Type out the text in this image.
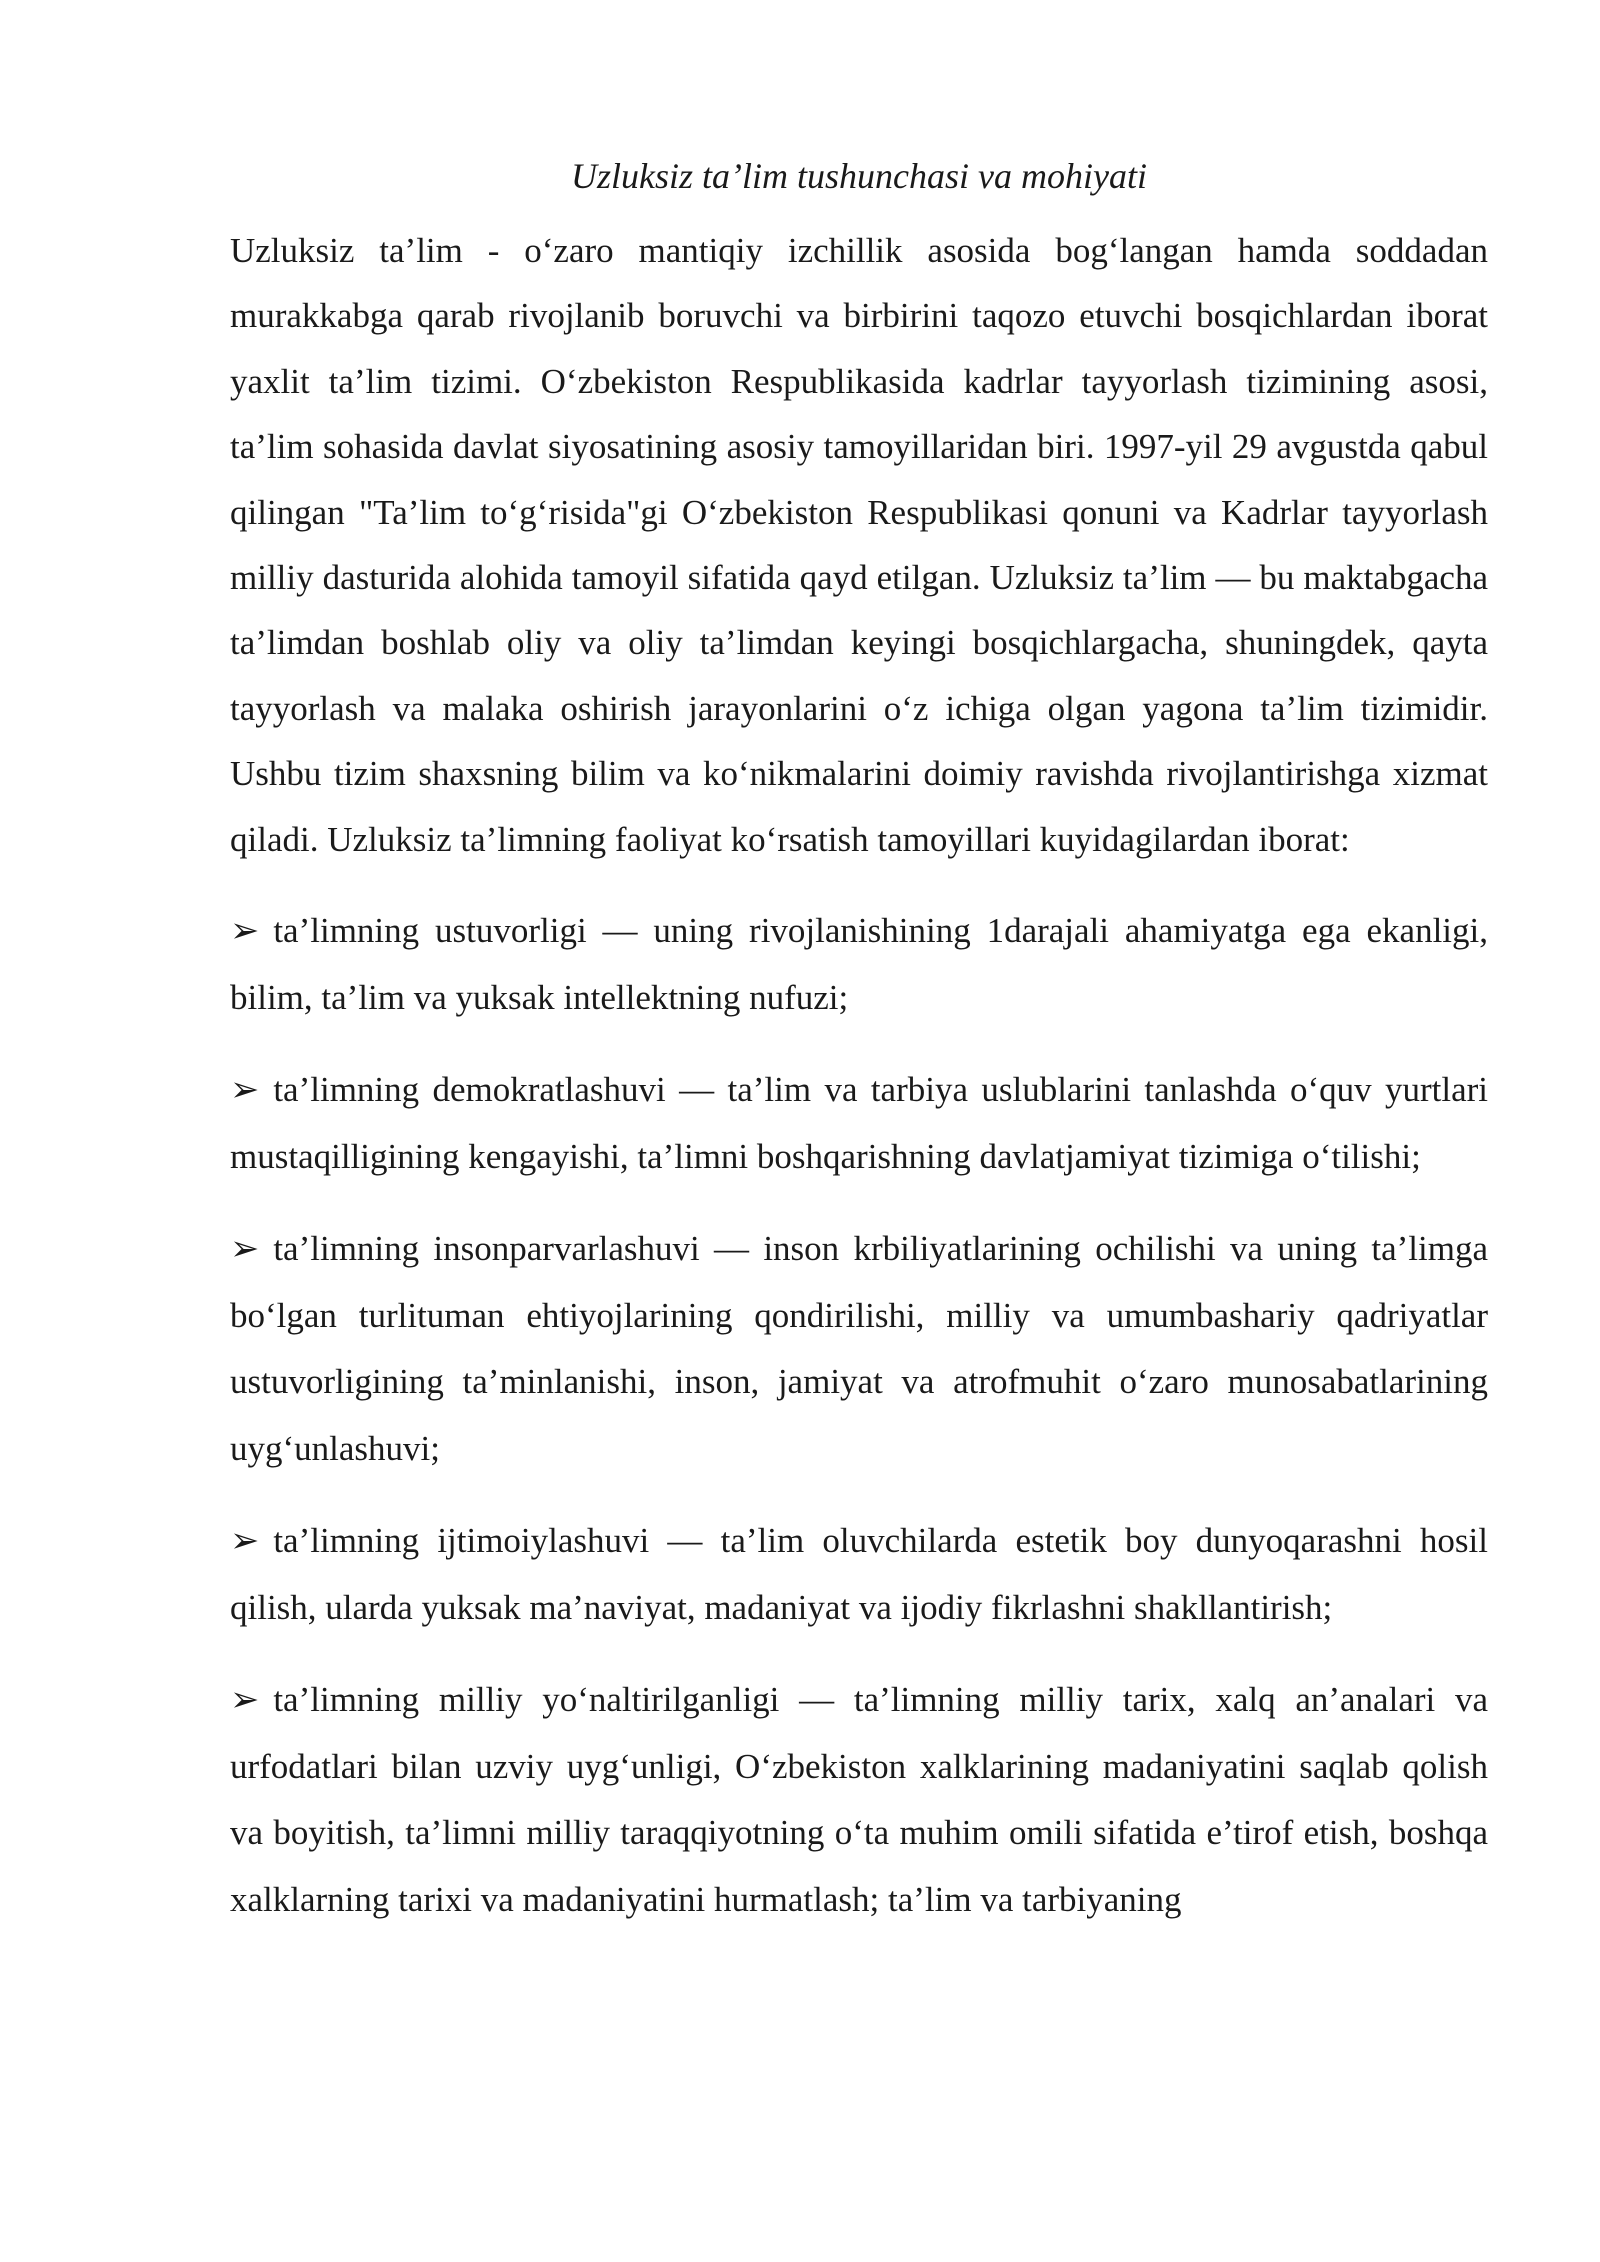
Uzluksiz ta’lim tushunchasi va mohiyati

Uzluksiz ta’lim - o‘zaro mantiqiy izchillik asosida bog‘langan hamda soddadan murakkabga qarab rivojlanib boruvchi va birbirini taqozo etuvchi bosqichlardan iborat yaxlit ta’lim tizimi. O‘zbekiston Respublikasida kadrlar tayyorlash tizimining asosi, ta’lim sohasida davlat siyosatining asosiy tamoyillaridan biri. 1997-yil 29 avgustda qabul qilingan "Ta’lim to‘g‘risida"gi O‘zbekiston Respublikasi qonuni va Kadrlar tayyorlash milliy dasturida alohida tamoyil sifatida qayd etilgan. Uzluksiz ta’lim — bu maktabgacha ta’limdan boshlab oliy va oliy ta’limdan keyingi bosqichlargacha, shuningdek, qayta tayyorlash va malaka oshirish jarayonlarini o‘z ichiga olgan yagona ta’lim tizimidir. Ushbu tizim shaxsning bilim va ko‘nikmalarini doimiy ravishda rivojlantirishga xizmat qiladi. Uzluksiz ta’limning faoliyat ko‘rsatish tamoyillari kuyidagilardan iborat:

➢ ta’limning ustuvorligi — uning rivojlanishining 1darajali ahamiyatga ega ekanligi, bilim, ta’lim va yuksak intellektning nufuzi;
➢ ta’limning demokratlashuvi — ta’lim va tarbiya uslublarini tanlashda o‘quv yurtlari mustaqilligining kengayishi, ta’limni boshqarishning davlatjamiyat tizimiga o‘tilishi;
➢ ta’limning insonparvarlashuvi — inson krbiliyatlarining ochilishi va uning ta’limga bo‘lgan turlituman ehtiyojlarining qondirilishi, milliy va umumbashariy qadriyatlar ustuvorligining ta’minlanishi, inson, jamiyat va atrofmuhit o‘zaro munosabatlarining uyg‘unlashuvi;
➢ ta’limning ijtimoiylashuvi — ta’lim oluvchilarda estetik boy dunyoqarashni hosil qilish, ularda yuksak ma’naviyat, madaniyat va ijodiy fikrlashni shakllantirish;
➢ ta’limning milliy yo‘naltirilganligi — ta’limning milliy tarix, xalq an’analari va urfodatlari bilan uzviy uyg‘unligi, O‘zbekiston xalklarining madaniyatini saqlab qolish va boyitish, ta’limni milliy taraqqiyotning o‘ta muhim omili sifatida e’tirof etish, boshqa xalklarning tarixi va madaniyatini hurmatlash; ta’lim va tarbiyaning
